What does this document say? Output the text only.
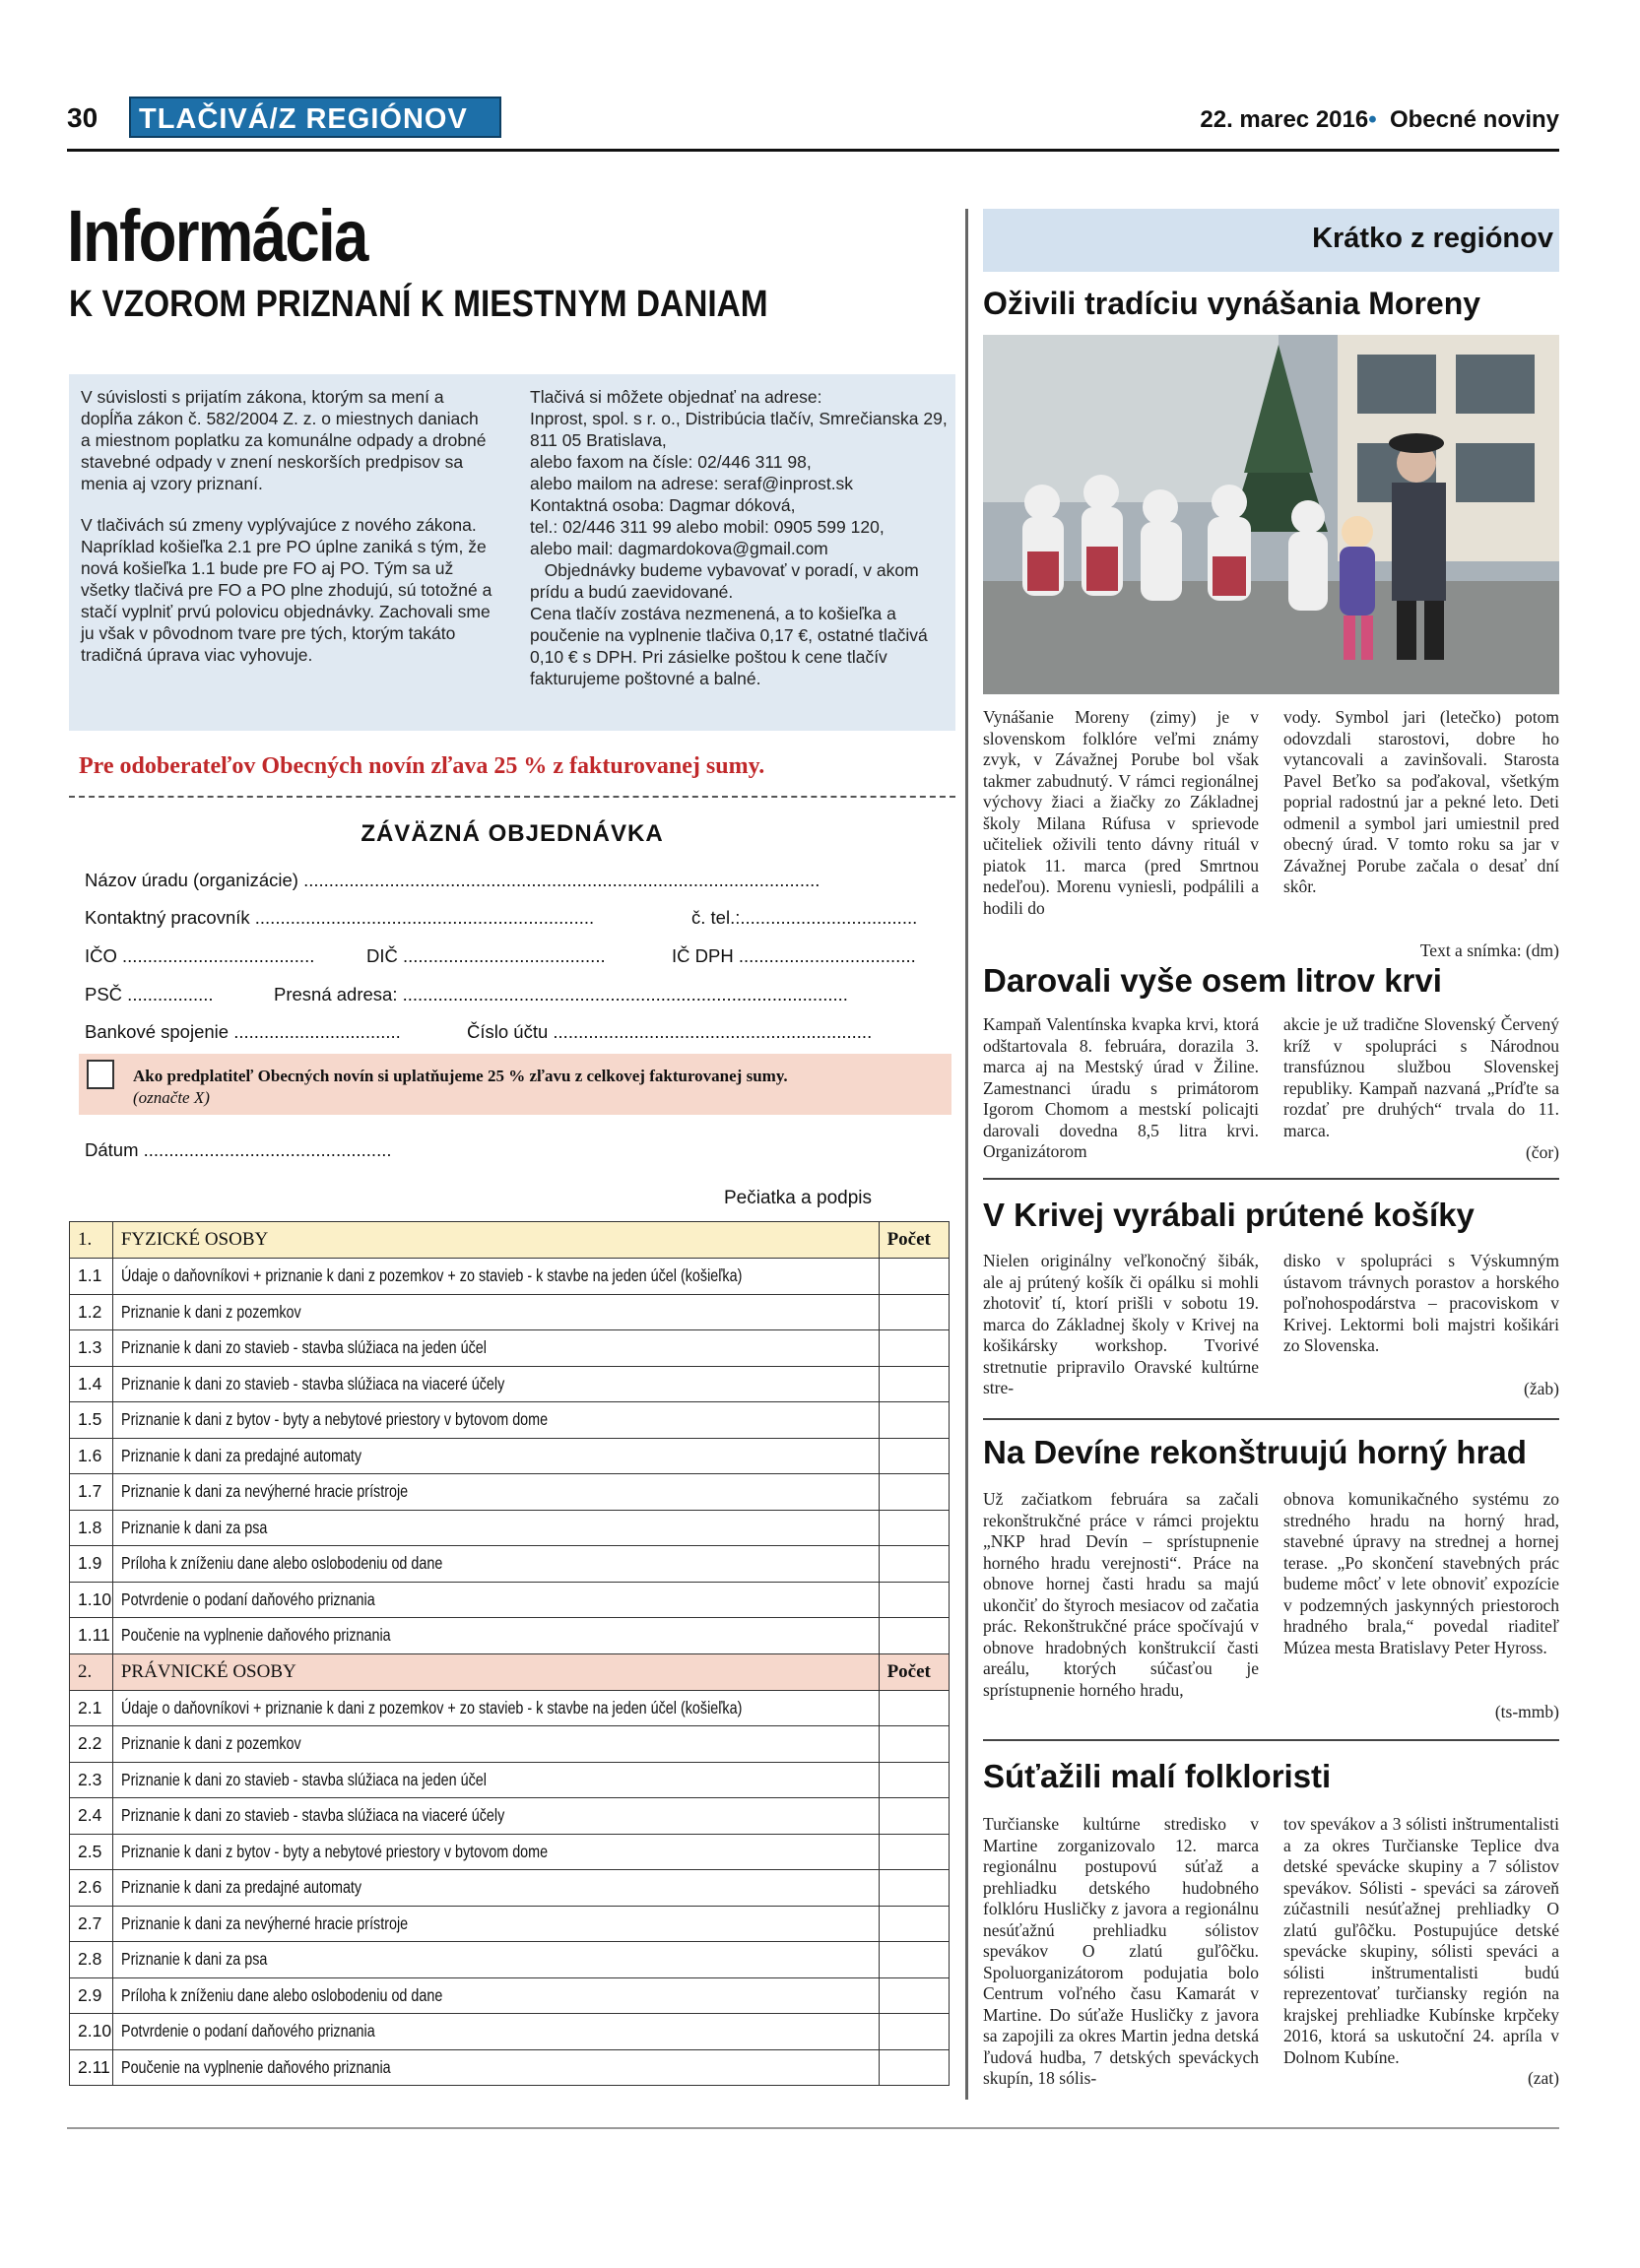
30	TLAČIVÁ/Z REGIÓNOV	22. marec 2016• Obecné noviny
Informácia
K VZOROM PRIZNANÍ K MIESTNYM DANIAM

V súvislosti s prijatím zákona, ktorým sa mení a dopĺňa zákon č. 582/2004 Z. z. o miestnych daniach a miestnom poplatku za komunálne odpady a drobné stavebné odpady v znení neskorších predpisov sa menia aj vzory priznaní.

V tlačivách sú zmeny vyplývajúce z nového zákona. Napríklad košieľka 2.1 pre PO úplne zaniká s tým, že nová košieľka 1.1 bude pre FO aj PO. Tým sa už všetky tlačivá pre FO a PO plne zhodujú, sú totožné a stačí vyplniť prvú polovicu objednávky. Zachovali sme ju však v pôvodnom tvare pre tých, ktorým takáto tradičná úprava viac vyhovuje.

Tlačivá si môžete objednať na adrese:

Inprost, spol. s r. o., Distribúcia tlačív, Smrečianska 29, 811 05 Bratislava,

alebo faxom na čísle: 02/446 311 98,

alebo mailom na adrese: seraf@inprost.sk

Kontaktná osoba: Dagmar dóková,

tel.: 02/446 311 99 alebo mobil: 0905 599 120,

alebo mail: dagmardokova@gmail.com

Objednávky budeme vybavovať v poradí, v akom prídu a budú zaevidované.

Cena tlačív zostáva nezmenená, a to košieľka a poučenie na vyplnenie tlačiva 0,17 €, ostatné tlačivá 0,10 € s DPH. Pri zásielke poštou k cene tlačív fakturujeme poštovné a balné.

Pre odoberateľov Obecných novín zľava 25 % z fakturovanej sumy.
ZÁVÄZNÁ OBJEDNÁVKA
Názov úradu (organizácie) ......................................................................................................
Kontaktný pracovník ...................................................................	č. tel.:...................................
IČO ......................................	DIČ ........................................	IČ DPH ...................................
PSČ .................	Presná adresa: ........................................................................................
Bankové spojenie .................................	Číslo účtu ...............................................................
Ako predplatiteľ Obecných novín si uplatňujeme 25 % zľavu z celkovej fakturovanej sumy.
(označte X)
Dátum .................................................
Pečiatka a podpis
1.	FYZICKÉ OSOBY	Počet
1.1	Údaje o daňovníkovi + priznanie k dani z pozemkov + zo stavieb - k stavbe na jeden účel (košieľka)	
1.2	Priznanie k dani z pozemkov	
1.3	Priznanie k dani zo stavieb - stavba slúžiaca na jeden účel	
1.4	Priznanie k dani zo stavieb - stavba slúžiaca na viaceré účely	
1.5	Priznanie k dani z bytov - byty a nebytové priestory v bytovom dome	
1.6	Priznanie k dani za predajné automaty	
1.7	Priznanie k dani za nevýherné hracie prístroje	
1.8	Priznanie k dani za psa	
1.9	Príloha k zníženiu dane alebo oslobodeniu od dane	
1.10	Potvrdenie o podaní daňového priznania	
1.11	Poučenie na vyplnenie daňového priznania	
2.	PRÁVNICKÉ OSOBY	Počet
2.1	Údaje o daňovníkovi + priznanie k dani z pozemkov + zo stavieb - k stavbe na jeden účel (košieľka)	
2.2	Priznanie k dani z pozemkov	
2.3	Priznanie k dani zo stavieb - stavba slúžiaca na jeden účel	
2.4	Priznanie k dani zo stavieb - stavba slúžiaca na viaceré účely	
2.5	Priznanie k dani z bytov - byty a nebytové priestory v bytovom dome	
2.6	Priznanie k dani za predajné automaty	
2.7	Priznanie k dani za nevýherné hracie prístroje	
2.8	Priznanie k dani za psa	
2.9	Príloha k zníženiu dane alebo oslobodeniu od dane	
2.10	Potvrdenie o podaní daňového priznania	
2.11	Poučenie na vyplnenie daňového priznania	
Krátko z regiónov
Oživili tradíciu vynášania Moreny
Vynášanie Moreny (zimy) je v slovenskom folklóre veľmi známy zvyk, v Závažnej Porube bol však takmer zabudnutý. V rámci regionálnej výchovy žiaci a žiačky zo Základnej školy Milana Rúfusa v sprievode učiteliek oživili tento dávny rituál v piatok 11. marca (pred Smrtnou nedeľou). Morenu vyniesli, podpálili a hodili do
vody. Symbol jari (letečko) potom odovzdali starostovi, dobre ho vytancovali a zavinšovali. Starosta Pavel Beťko sa poďakoval, všetkým poprial radostnú jar a pekné leto. Deti odmenil a symbol jari umiestnil pred obecný úrad. V tomto roku sa jar v Závažnej Porube začala o desať dní skôr.
Text a snímka: (dm)
Darovali vyše osem litrov krvi
Kampaň Valentínska kvapka krvi, ktorá odštartovala 8. februára, dorazila 3. marca aj na Mestský úrad v Žiline. Zamestnanci úradu s primátorom Igorom Chomom a mestskí policajti darovali dovedna 8,5 litra krvi. Organizátorom
akcie je už tradične Slovenský Červený kríž v spolupráci s Národnou transfúznou službou Slovenskej republiky. Kampaň nazvaná „Príďte sa rozdať pre druhých“ trvala do 11. marca.
(čor)
V Krivej vyrábali prútené košíky
Nielen originálny veľkonočný šibák, ale aj prútený košík či opálku si mohli zhotoviť tí, ktorí prišli v sobotu 19. marca do Základnej školy v Krivej na košikársky workshop. Tvorivé stretnutie pripravilo Oravské kultúrne stre-
disko v spolupráci s Výskumným ústavom trávnych porastov a horského poľnohospodárstva – pracoviskom v Krivej. Lektormi boli majstri košikári zo Slovenska.
(žab)
Na Devíne rekonštruujú horný hrad
Už začiatkom februára sa začali rekonštrukčné práce v rámci projektu „NKP hrad Devín – sprístupnenie horného hradu verejnosti“. Práce na obnove hornej časti hradu sa majú ukončiť do štyroch mesiacov od začatia prác. Rekonštrukčné práce spočívajú v obnove hradobných konštrukcií časti areálu, ktorých súčasťou je sprístupnenie horného hradu,
obnova komunikačného systému zo stredného hradu na horný hrad, stavebné úpravy na strednej a hornej terase. „Po skončení stavebných prác budeme môcť v lete obnoviť expozície v podzemných jaskynných priestoroch hradného brala,“ povedal riaditeľ Múzea mesta Bratislavy Peter Hyross.
(ts-mmb)
Súťažili malí folkloristi
Turčianske kultúrne stredisko v Martine zorganizovalo 12. marca regionálnu postupovú súťaž a prehliadku detského hudobného folklóru Husličky z javora a regionálnu nesúťažnú prehliadku sólistov spevákov O zlatú guľôčku. Spoluorganizátorom podujatia bolo Centrum voľného času Kamarát v Martine. Do súťaže Husličky z javora sa zapojili za okres Martin jedna detská ľudová hudba, 7 detských speváckych skupín, 18 sólis-
tov spevákov a 3 sólisti inštrumentalisti a za okres Turčianske Teplice dva detské spevácke skupiny a 7 sólistov spevákov. Sólisti - speváci sa zároveň zúčastnili nesúťažnej prehliadky O zlatú guľôčku. Postupujúce detské spevácke skupiny, sólisti speváci a sólisti inštrumentalisti budú reprezentovať turčiansky región na krajskej prehliadke Kubínske krpčeky 2016, ktorá sa uskutoční 24. apríla v Dolnom Kubíne.
(zat)
